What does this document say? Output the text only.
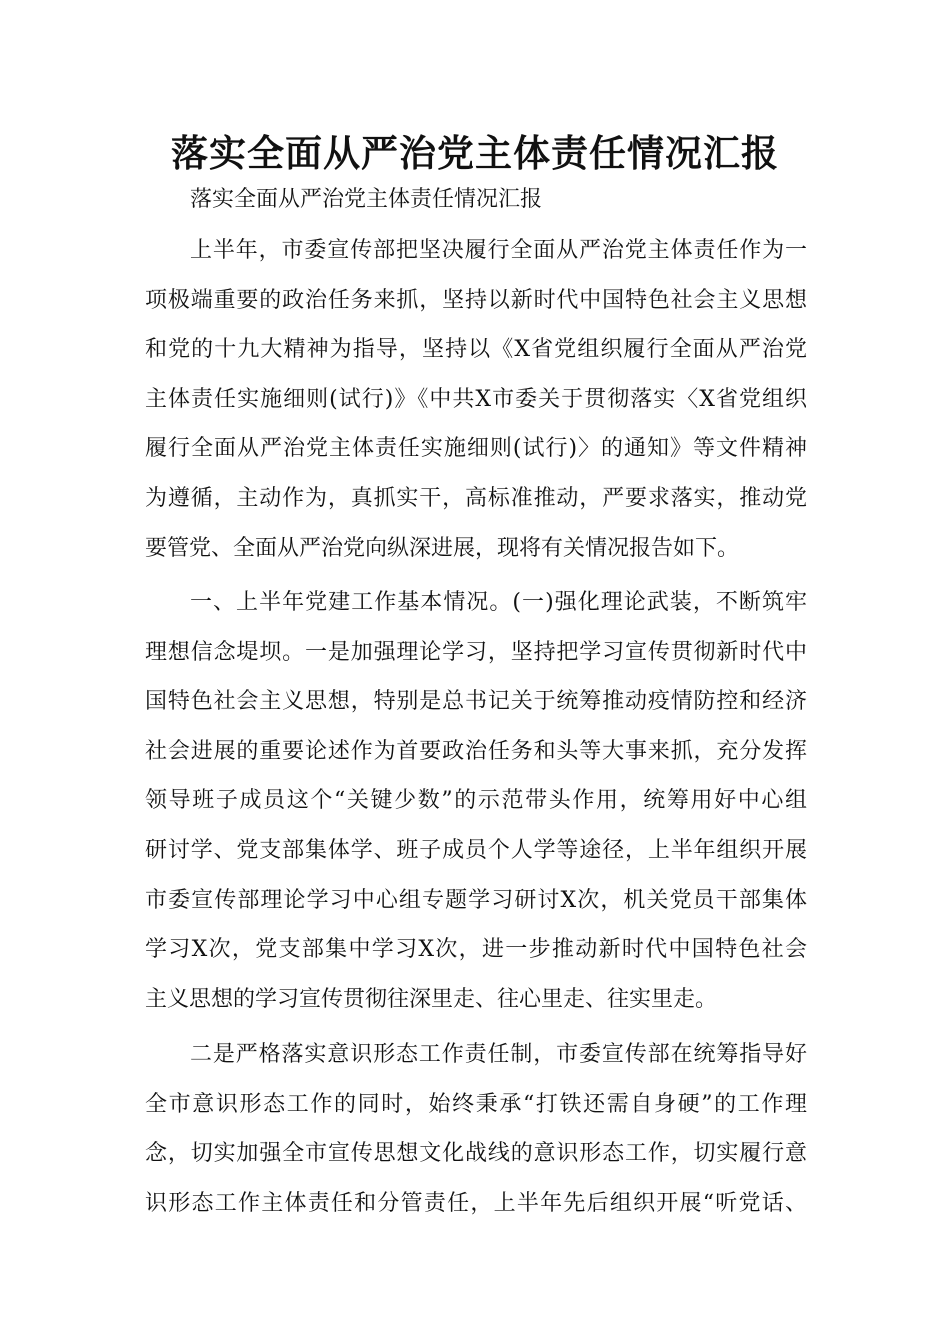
落实全面从严治党主体责任情况汇报

落实全面从严治党主体责任情况汇报

上半年，市委宣传部把坚决履行全面从严治党主体责任作为一
项极端重要的政治任务来抓，坚持以新时代中国特色社会主义思想
和党的十九大精神为指导，坚持以《X省党组织履行全面从严治党
主体责任实施细则(试行)》《中共X市委关于贯彻落实〈X省党组织
履行全面从严治党主体责任实施细则(试行)〉的通知》等文件精神
为遵循，主动作为，真抓实干，高标准推动，严要求落实，推动党
要管党、全面从严治党向纵深进展，现将有关情况报告如下。

一、上半年党建工作基本情况。(一)强化理论武装，不断筑牢
理想信念堤坝。一是加强理论学习，坚持把学习宣传贯彻新时代中
国特色社会主义思想，特别是总书记关于统筹推动疫情防控和经济
社会进展的重要论述作为首要政治任务和头等大事来抓，充分发挥
领导班子成员这个“关键少数”的示范带头作用，统筹用好中心组
研讨学、党支部集体学、班子成员个人学等途径，上半年组织开展
市委宣传部理论学习中心组专题学习研讨X次，机关党员干部集体
学习X次，党支部集中学习X次，进一步推动新时代中国特色社会
主义思想的学习宣传贯彻往深里走、往心里走、往实里走。

二是严格落实意识形态工作责任制，市委宣传部在统筹指导好
全市意识形态工作的同时，始终秉承“打铁还需自身硬”的工作理
念，切实加强全市宣传思想文化战线的意识形态工作，切实履行意
识形态工作主体责任和分管责任，上半年先后组织开展“听党话、
